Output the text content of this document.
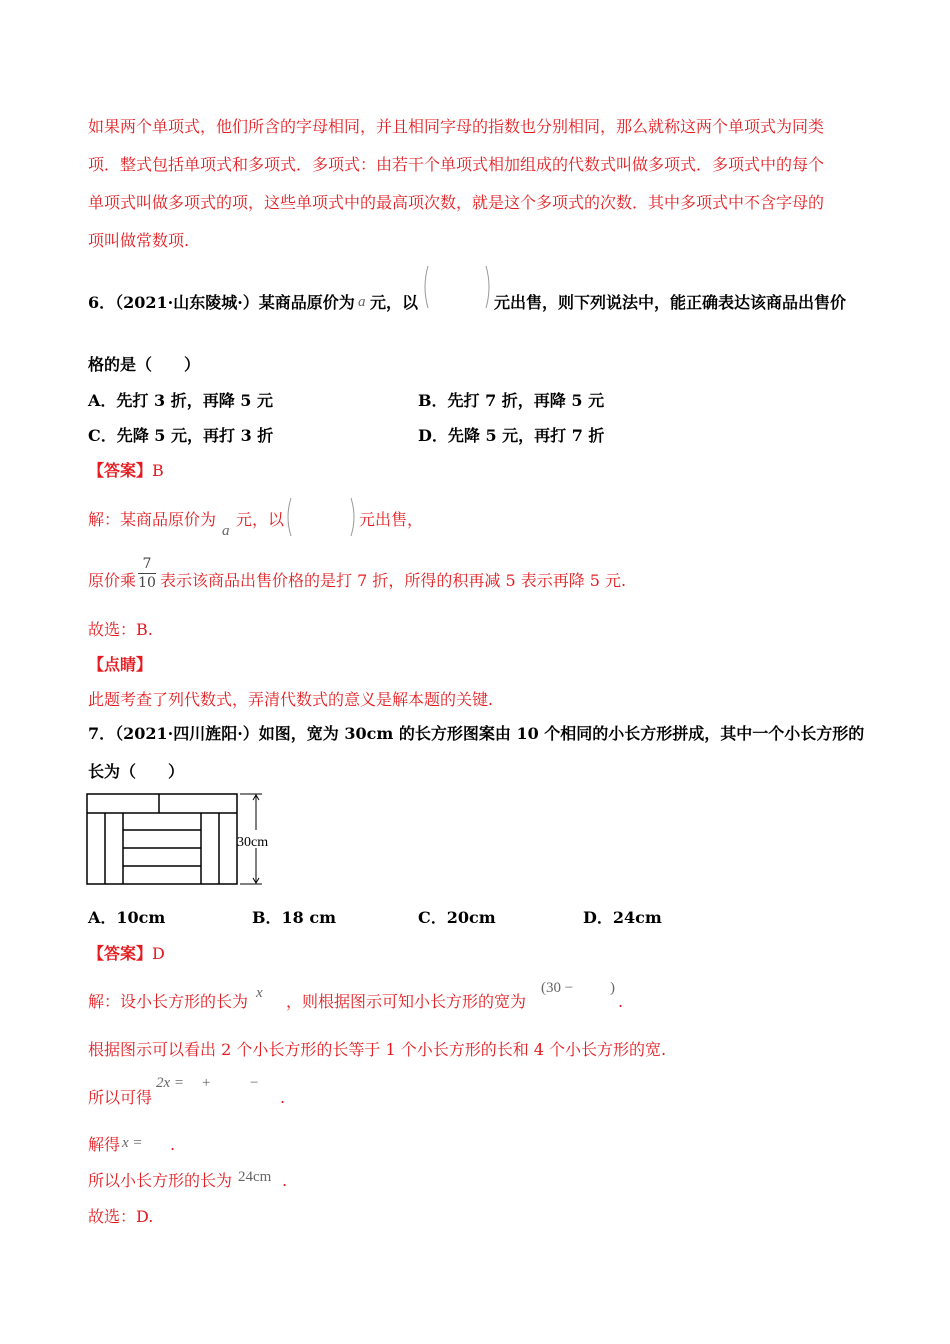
如果两个单项式，他们所含的字母相同，并且相同字母的指数也分别相同，那么就称这两个单项式为同类
项．整式包括单项式和多项式．多项式：由若干个单项式相加组成的代数式叫做多项式．多项式中的每个
单项式叫做多项式的项，这些单项式中的最高项次数，就是这个多项式的次数．其中多项式中不含字母的
项叫做常数项.
6．（2021·山东陵城·）某商品原价为 a 元，以	元出售，则下列说法中，能正确表达该商品出售价
格的是（　　）
A．先打 3 折，再降 5 元	B．先打 7 折，再降 5 元
C．先降 5 元，再打 3 折	D．先降 5 元，再打 7 折
【答案】B
解：某商品原价为
a
元，以	元出售，
原价乘
7
10 表示该商品出售价格的是打 7 折，所得的积再减 5 表示再降 5 元.
故选：B.
【点睛】
此题考查了列代数式，弄清代数式的意义是解本题的关键.
7．（2021·四川旌阳·）如图，宽为 30cm 的长方形图案由 10 个相同的小长方形拼成，其中一个小长方形的
长为（　　）
30cm
A．10cm	B．18 cm	C．20cm	D．24cm
【答案】D
解：设小长方形的长为 x ，则根据图示可知小长方形的宽为
(30 − )
.
根据图示可以看出 2 个小长方形的长等于 1 个小长方形的长和 4 个小长方形的宽.
所以可得
2x = +	−
.
解得 x = .
所以小长方形的长为 24cm .
故选：D.
